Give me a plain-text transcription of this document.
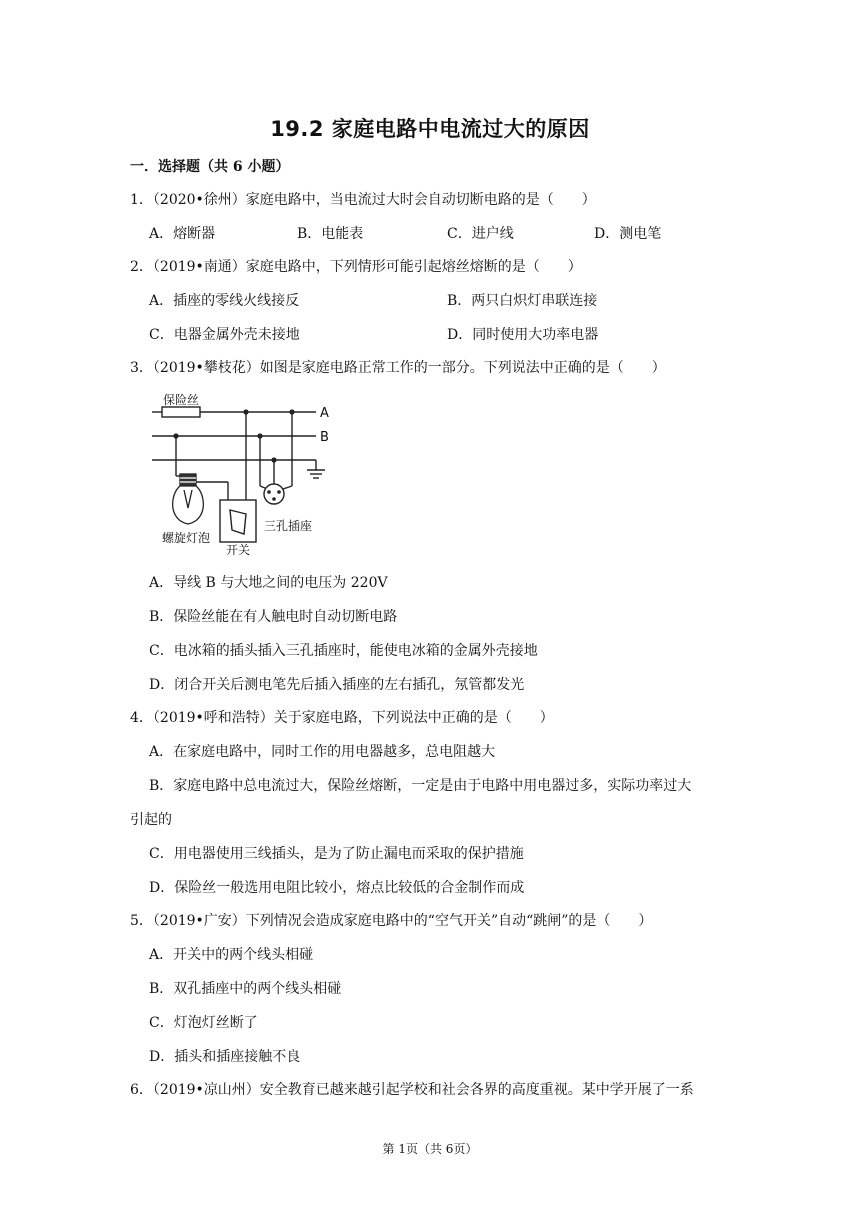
19.2 家庭电路中电流过大的原因
一．选择题（共 6 小题）
1．（2020•徐州）家庭电路中，当电流过大时会自动切断电路的是（　　）
A．熔断器	B．电能表	C．进户线	D．测电笔
2．（2019•南通）家庭电路中，下列情形可能引起熔丝熔断的是（　　）
A．插座的零线火线接反	B．两只白炽灯串联连接
C．电器金属外壳未接地	D．同时使用大功率电器
3．（2019•攀枝花）如图是家庭电路正常工作的一部分。下列说法中正确的是（　　）
保险丝
A
B
螺旋灯泡
开关
三孔插座
A．导线 B 与大地之间的电压为 220V
B．保险丝能在有人触电时自动切断电路
C．电冰箱的插头插入三孔插座时，能使电冰箱的金属外壳接地
D．闭合开关后测电笔先后插入插座的左右插孔，氖管都发光
4．（2019•呼和浩特）关于家庭电路，下列说法中正确的是（　　）
A．在家庭电路中，同时工作的用电器越多，总电阻越大
B．家庭电路中总电流过大，保险丝熔断，一定是由于电路中用电器过多，实际功率过大
引起的
C．用电器使用三线插头，是为了防止漏电而采取的保护措施
D．保险丝一般选用电阻比较小，熔点比较低的合金制作而成
5．（2019•广安）下列情况会造成家庭电路中的“空气开关”自动“跳闸”的是（　　）
A．开关中的两个线头相碰
B．双孔插座中的两个线头相碰
C．灯泡灯丝断了
D．插头和插座接触不良
6．（2019•凉山州）安全教育已越来越引起学校和社会各界的高度重视。某中学开展了一系
第 1页（共 6页）
